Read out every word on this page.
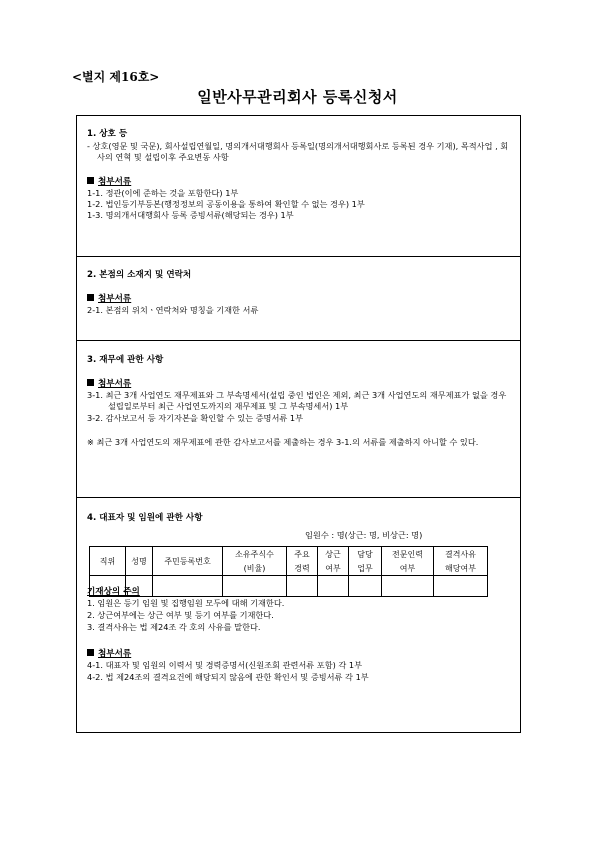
<별지 제16호>
일반사무관리회사 등록신청서
1. 상호 등
- 상호(영문 및 국문), 회사설립연월일, 명의개서대행회사 등록일(명의개서대행회사로 등록된 경우 기재), 목적사업 , 회사의 연혁 및 설립이후 주요변동 사항
첨부서류
1-1. 정관(이에 준하는 것을 포함한다) 1부
1-2. 법인등기부등본(행정정보의 공동이용을 통하여 확인할 수 없는 경우) 1부
1-3. 명의개서대행회사 등록 증빙서류(해당되는 경우) 1부
2. 본점의 소재지 및 연락처
첨부서류
2-1. 본점의 위치ㆍ연락처와 명칭을 기재한 서류
3. 재무에 관한 사항
첨부서류
3-1. 최근 3개 사업연도 재무제표와 그 부속명세서(설립 중인 법인은 제외, 최근 3개 사업연도의 재무제표가 없을 경우 설립일로부터 최근 사업연도까지의 재무제표 및 그 부속명세서) 1부
3-2. 감사보고서 등 자기자본을 확인할 수 있는 증명서류 1부
※ 최근 3개 사업연도의 재무제표에 관한 감사보고서를 제출하는 경우 3-1.의 서류를 제출하지 아니할 수 있다.
4. 대표자 및 임원에 관한 사항
기재상의 주의
1. 임원은 등기 임원 및 집행임원 모두에 대해 기재한다.
2. 상근여부에는 상근 여부 및 등기 여부를 기재한다.
3. 결격사유는 법 제24조 각 호의 사유를 말한다.
첨부서류
4-1. 대표자 및 임원의 이력서 및 경력증명서(신원조회 관련서류 포함) 각 1부
4-2. 법 제24조의 결격요건에 해당되지 않음에 관한 확인서 및 증빙서류 각 1부
임원수 : 명(상근: 명, 비상근: 명)
직위	성명	주민등록번호	소유주식수	주요	상근	담당	전문인력	결격사유
			(비율)	경력	여부	업무	여부	해당여부
